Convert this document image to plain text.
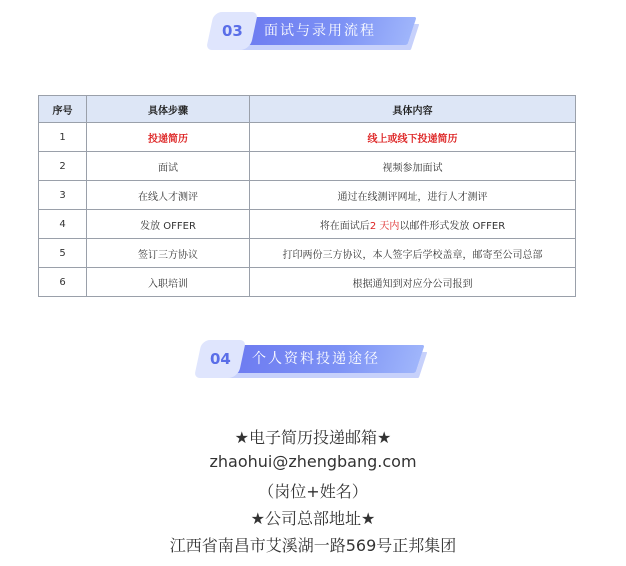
03 面试与录用流程
序号	具体步骤	具体内容
1	投递简历	线上或线下投递简历
2	面试	视频参加面试
3	在线人才测评	通过在线测评网址，进行人才测评
4	发放 OFFER	将在面试后2 天内以邮件形式发放 OFFER
5	签订三方协议	打印两份三方协议，本人签字后学校盖章，邮寄至公司总部
6	入职培训	根据通知到对应分公司报到
04 个人资料投递途径
★电子简历投递邮箱★
zhaohui@zhengbang.com
（岗位+姓名）
★公司总部地址★
江西省南昌市艾溪湖一路569号正邦集团
